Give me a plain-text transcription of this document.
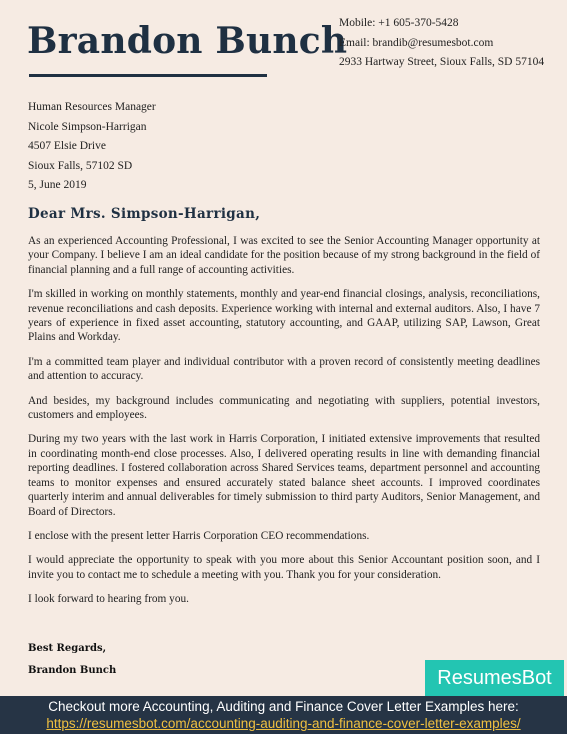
Brandon Bunch
Mobile: +1 605-370-5428
Email: brandib@resumesbot.com
2933 Hartway Street, Sioux Falls, SD 57104
Human Resources Manager
Nicole Simpson-Harrigan
4507 Elsie Drive
Sioux Falls, 57102 SD
5, June 2019
Dear Mrs. Simpson-Harrigan,

As an experienced Accounting Professional, I was excited to see the Senior Accounting Manager opportunity at your Company. I believe I am an ideal candidate for the position because of my strong background in the field of financial planning and a full range of accounting activities.

I'm skilled in working on monthly statements, monthly and year-end financial closings, analysis, reconciliations, revenue reconciliations and cash deposits. Experience working with internal and external auditors. Also, I have 7 years of experience in fixed asset accounting, statutory accounting, and GAAP, utilizing SAP, Lawson, Great Plains and Workday.

I'm a committed team player and individual contributor with a proven record of consistently meeting deadlines and attention to accuracy.

And besides, my background includes communicating and negotiating with suppliers, potential investors, customers and employees.

During my two years with the last work in Harris Corporation, I initiated extensive improvements that resulted in coordinating month-end close processes. Also, I delivered operating results in line with demanding financial reporting deadlines. I fostered collaboration across Shared Services teams, department personnel and accounting teams to monitor expenses and ensured accurately stated balance sheet accounts. I improved coordinates quarterly interim and annual deliverables for timely submission to third party Auditors, Senior Management, and Board of Directors.

I enclose with the present letter Harris Corporation CEO recommendations.

I would appreciate the opportunity to speak with you more about this Senior Accountant position soon, and I invite you to contact me to schedule a meeting with you. Thank you for your consideration.

I look forward to hearing from you.

Best Regards,
Brandon Bunch	ResumesBot
Checkout more Accounting, Auditing and Finance Cover Letter Examples here:
https://resumesbot.com/accounting-auditing-and-finance-cover-letter-examples/
